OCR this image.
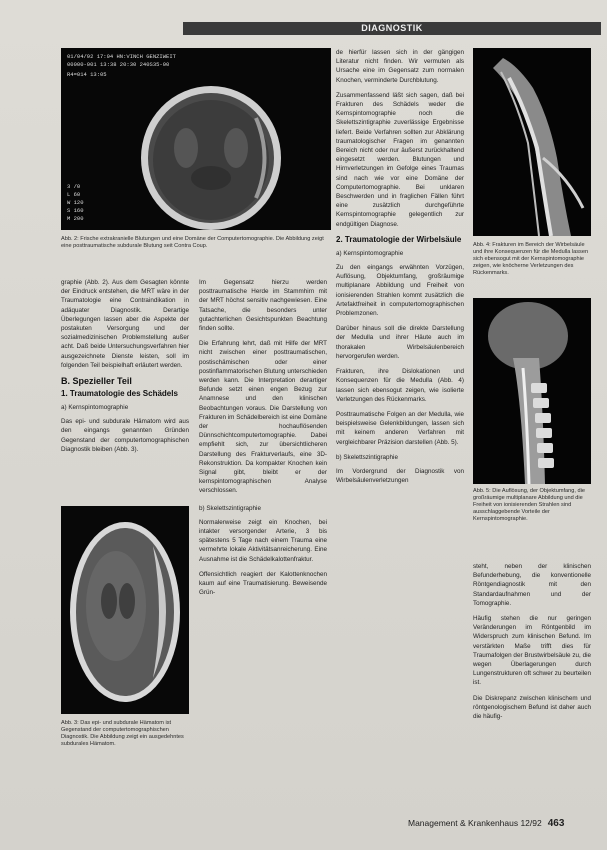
DIAGNOSTIK
01/04/92 17:04 HN:VINCH GENZIWEIT
00000-001 13:38 20:30 240S35-00
R4=014 13:05
3 /0
L 60
W 120
S 160
M 200
Abb. 2: Frische extrakranielle Blutungen und eine Domäne der Computertomographie. Die Abbildung zeigt eine posttraumatische subdurale Blutung seit Contra Coup.
Abb. 3: Das epi- und subdurale Hämatom ist Gegenstand der computertomographischen Diagnostik. Die Abbildung zeigt ein ausgedehntes subdurales Hämatom.
Abb. 4: Frakturen im Bereich der Wirbelsäule und ihre Konsequenzen für die Medulla lassen sich ebensogut mit der Kernspintomographie zeigen, wie knöcherne Verletzungen des Rückenmarks.
Abb. 5: Die Auflösung, der Objektumfang, die großräumige multiplanare Abbildung und die Freiheit von ionisierenden Strahlen sind ausschlaggebende Vorteile der Kernspintomographie.

graphie (Abb. 2). Aus dem Gesagten könnte der Eindruck entstehen, die MRT wäre in der Traumatologie eine Contraindikation in adäquater Diagnostik. Derartige Überlegungen lassen aber die Aspekte der postakuten Versorgung und der sozialmedizinischen Problemstellung außer acht. Daß beide Untersuchungsverfahren hier ausgezeichnete Dienste leisten, soll im folgenden Teil beispielhaft erläutert werden.

B. Spezieller Teil
1. Traumatologie des Schädels
a) Kernspintomographie

Das epi- und subdurale Hämatom wird aus den eingangs genannten Gründen Gegenstand der computertomographischen Diagnostik bleiben (Abb. 3).

Im Gegensatz hierzu werden posttraumatische Herde im Stammhirn mit der MRT höchst sensitiv nachgewiesen. Eine Tatsache, die besonders unter gutachterlichen Gesichtspunkten Beachtung finden sollte.

Die Erfahrung lehrt, daß mit Hilfe der MRT nicht zwischen einer posttraumatischen, postischämischen oder einer postinflammatorischen Blutung unterschieden werden kann. Die Interpretation derartiger Befunde setzt einen engen Bezug zur Anamnese und den klinischen Beobachtungen voraus. Die Darstellung von Frakturen im Schädelbereich ist eine Domäne der hochauflösenden Dünnschichtcomputertomographie. Dabei empfiehlt sich, zur übersichtlicheren Darstellung des Frakturverlaufs, eine 3D-Rekonstruktion. Da kompakter Knochen kein Signal gibt, bleibt er der kernspintomographischen Analyse verschlossen.

b) Skelettszintigraphie

Normalerweise zeigt ein Knochen, bei intakter versorgender Arterie, 3 bis spätestens 5 Tage nach einem Trauma eine vermehrte lokale Aktivitätsanreicherung. Eine Ausnahme ist die Schädelkalottenfraktur.

Offensichtlich reagiert der Kalottenknochen kaum auf eine Traumatisierung. Beweisende Grün-

de hierfür lassen sich in der gängigen Literatur nicht finden. Wir vermuten als Ursache eine im Gegensatz zum normalen Knochen, verminderte Durchblutung.

Zusammenfassend läßt sich sagen, daß bei Frakturen des Schädels weder die Kernspintomographie noch die Skelettszintigraphie zuverlässige Ergebnisse liefert. Beide Verfahren sollten zur Abklärung traumatologischer Fragen im genannten Bereich nicht oder nur äußerst zurückhaltend eingesetzt werden. Blutungen und Hirnverletzungen im Gefolge eines Traumas sind nach wie vor eine Domäne der Computertomographie. Bei unklaren Beschwerden und in fraglichen Fällen führt eine zusätzlich durchgeführte Kernspintomographie gelegentlich zur endgültigen Diagnose.

2. Traumatologie der Wirbelsäule
a) Kernspintomographie

Zu den eingangs erwähnten Vorzügen, Auflösung, Objektumfang, großräumige multiplanare Abbildung und Freiheit von ionisierenden Strahlen kommt zusätzlich die Artefaktfreiheit in computertomographischen Problemzonen.

Darüber hinaus soll die direkte Darstellung der Medulla und ihrer Häute auch im thorakalen Wirbelsäulenbereich hervorgerufen werden.

Frakturen, ihre Dislokationen und Konsequenzen für die Medulla (Abb. 4) lassen sich ebensogut zeigen, wie isolierte Verletzungen des Rückenmarks.

Posttraumatische Folgen an der Medulla, wie beispielsweise Gelenkbildungen, lassen sich mit keinem anderen Verfahren mit vergleichbarer Präzision darstellen (Abb. 5).

b) Skelettszintigraphie

Im Vordergrund der Diagnostik von Wirbelsäulenverletzungen

steht, neben der klinischen Befunderhebung, die konventionelle Röntgendiagnostik mit den Standardaufnahmen und der Tomographie.

Häufig stehen die nur geringen Veränderungen im Röntgenbild im Widerspruch zum klinischen Befund. Im verstärkten Maße trifft dies für Traumafolgen der Brustwirbelsäule zu, die wegen Überlagerungen durch Lungenstrukturen oft schwer zu beurteilen ist.

Die Diskrepanz zwischen klinischem und röntgenologischem Befund ist daher auch die häufig-

Management & Krankenhaus 12/92 463
